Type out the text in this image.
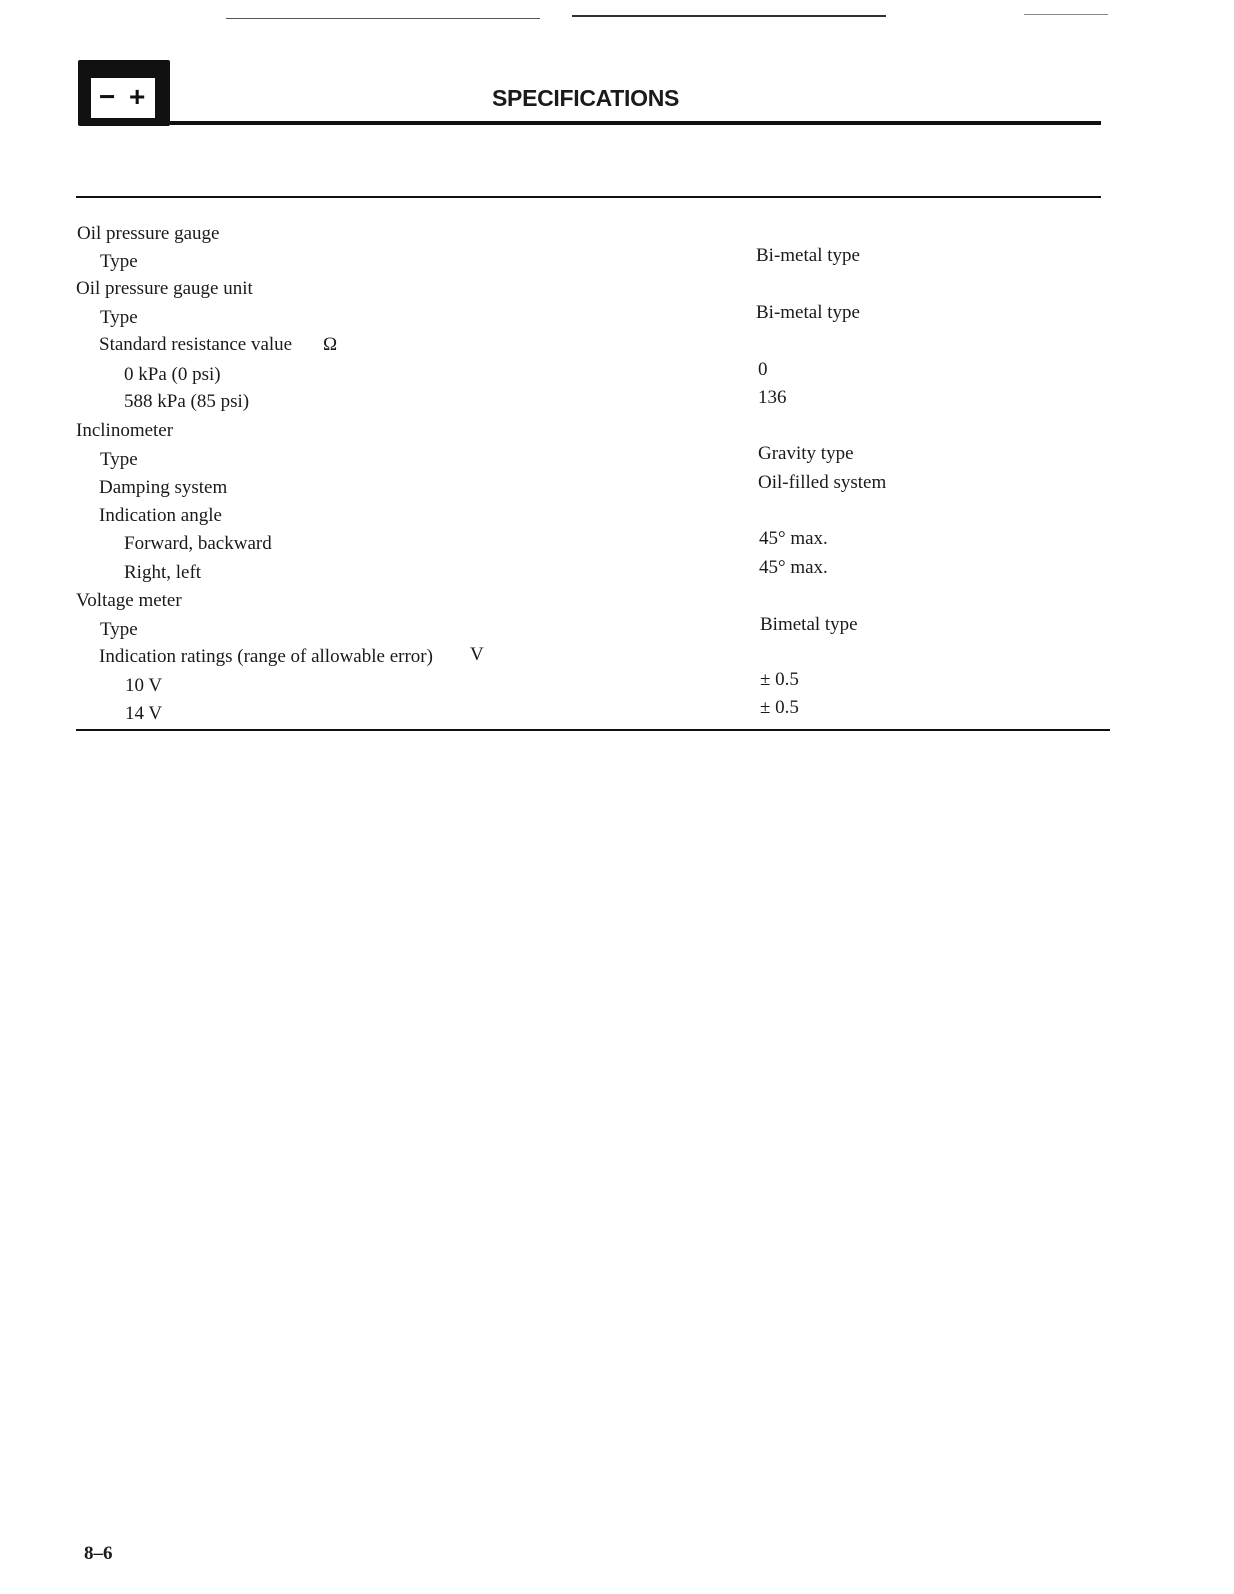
− +	SPECIFICATIONS
Oil pressure gauge
Type
Oil pressure gauge unit
Type
Standard resistance value Ω
0 kPa (0 psi)
588 kPa (85 psi)
Inclinometer
Type
Damping system
Indication angle
Forward, backward
Right, left
Voltage meter
Type
Indication ratings (range of allowable error) V
10 V
14 V
Bi-metal type
Bi-metal type
0
136
Gravity type
Oil-filled system
45° max.
45° max.
Bimetal type
± 0.5
± 0.5
8–6
